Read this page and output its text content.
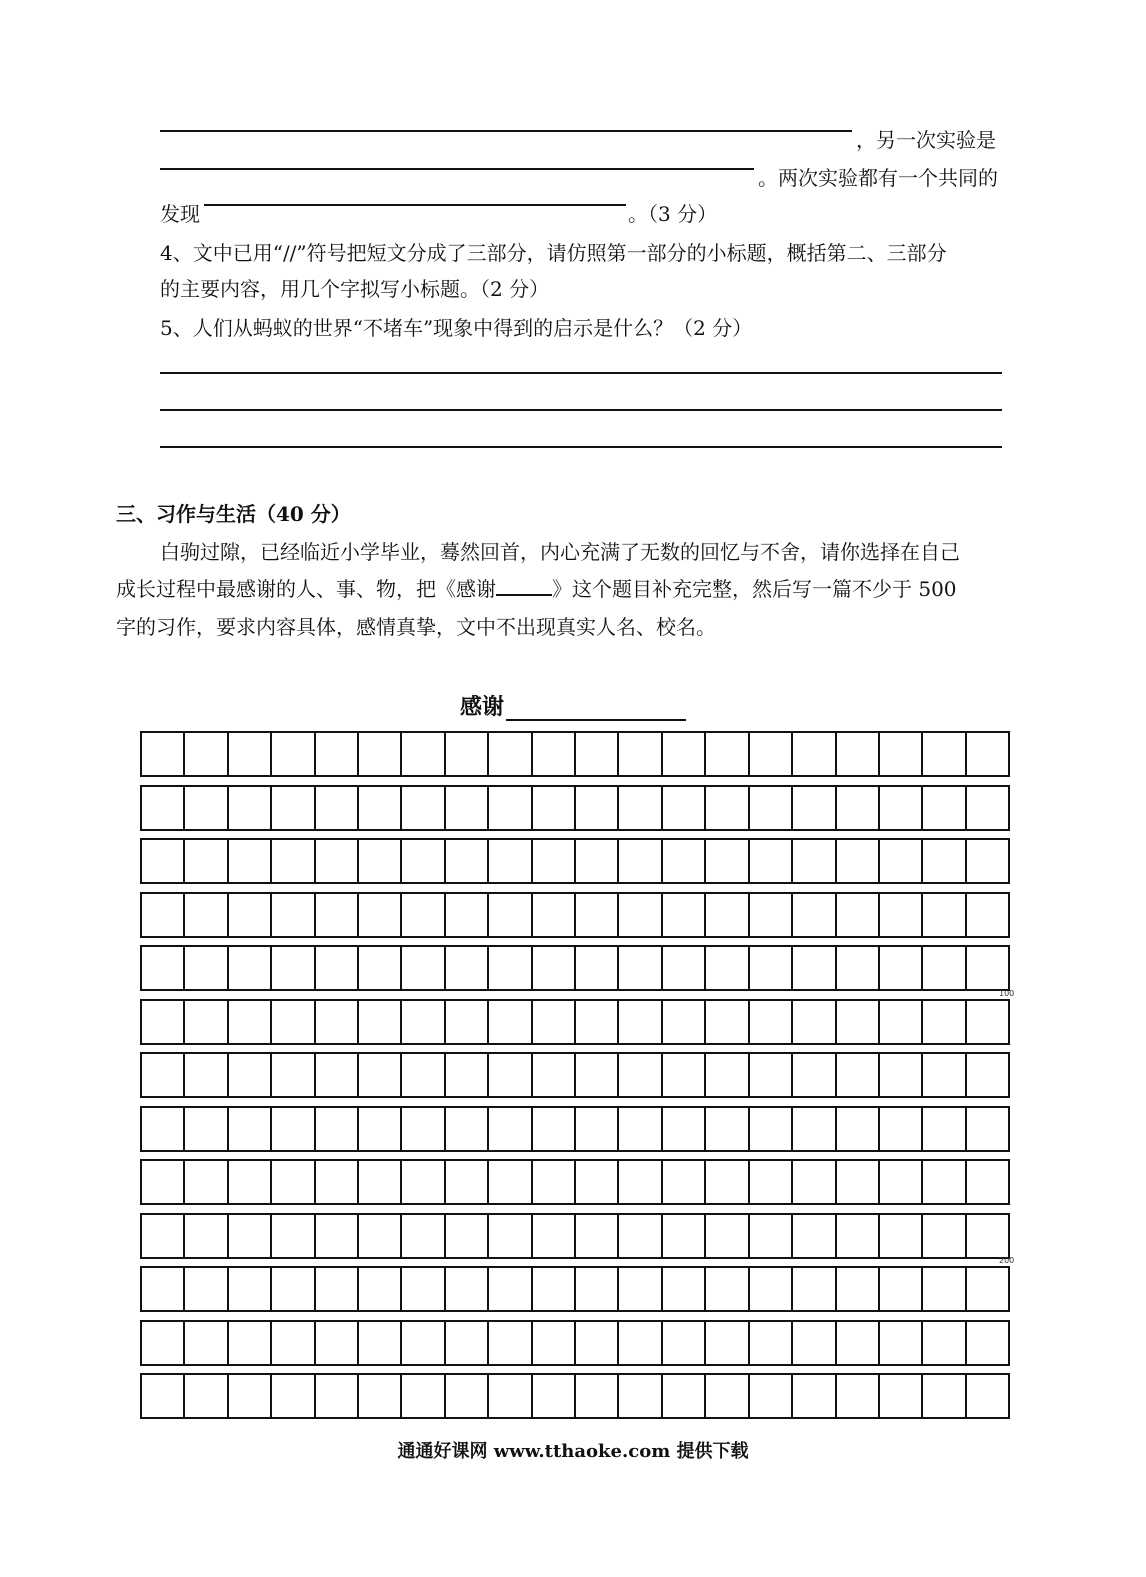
，另一次实验是
。两次实验都有一个共同的
发现	。（3 分）
4、文中已用“//”符号把短文分成了三部分，请仿照第一部分的小标题，概括第二、三部分
的主要内容，用几个字拟写小标题。（2 分）
5、人们从蚂蚁的世界“不堵车”现象中得到的启示是什么？（2 分）
三、习作与生活（40 分）
白驹过隙，已经临近小学毕业，蓦然回首，内心充满了无数的回忆与不舍，请你选择在自己
成长过程中最感谢的人、事、物，把《感谢	》这个题目补充完整，然后写一篇不少于 500
字的习作，要求内容具体，感情真挚，文中不出现真实人名、校名。
感谢
100
200
通通好课网 www.tthaoke.com 提供下载
